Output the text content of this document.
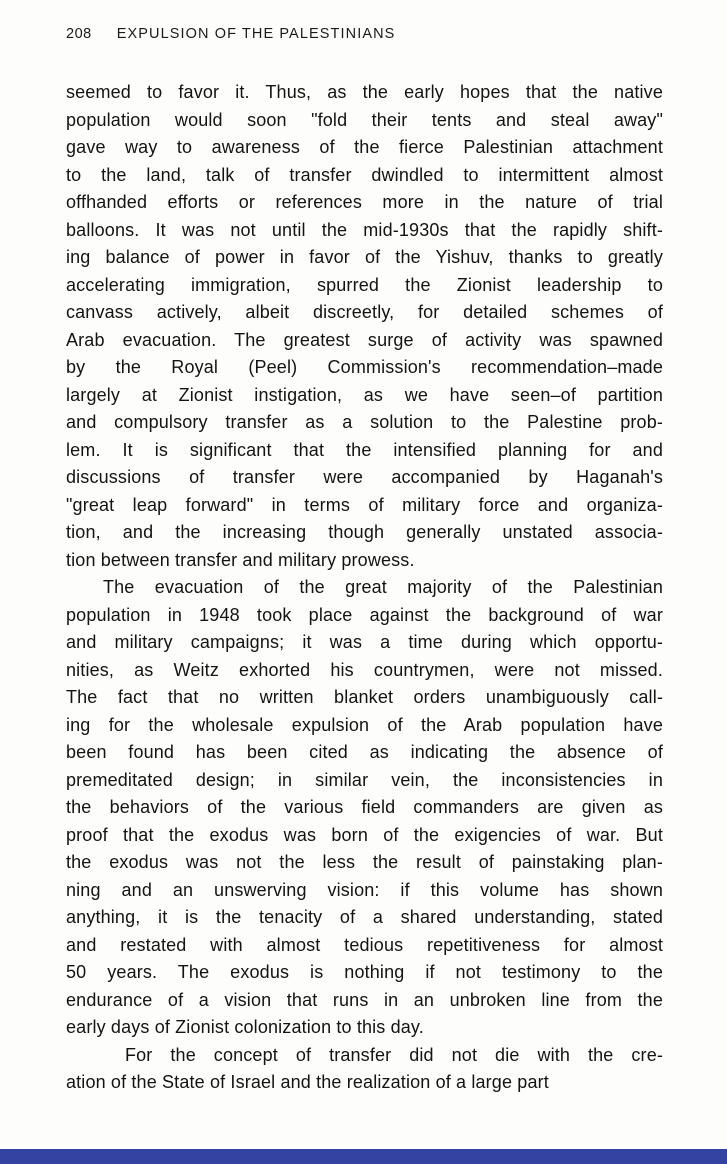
208 EXPULSION OF THE PALESTINIANS
seemed to favor it. Thus, as the early hopes that the native
population would soon "fold their tents and steal away"
gave way to awareness of the fierce Palestinian attachment
to the land, talk of transfer dwindled to intermittent almost
offhanded efforts or references more in the nature of trial
balloons. It was not until the mid-1930s that the rapidly shift-
ing balance of power in favor of the Yishuv, thanks to greatly
accelerating immigration, spurred the Zionist leadership to
canvass actively, albeit discreetly, for detailed schemes of
Arab evacuation. The greatest surge of activity was spawned
by the Royal (Peel) Commission's recommendation–made
largely at Zionist instigation, as we have seen–of partition
and compulsory transfer as a solution to the Palestine prob-
lem. It is significant that the intensified planning for and
discussions of transfer were accompanied by Haganah's
"great leap forward" in terms of military force and organiza-
tion, and the increasing though generally unstated associa-
tion between transfer and military prowess.
The evacuation of the great majority of the Palestinian
population in 1948 took place against the background of war
and military campaigns; it was a time during which opportu-
nities, as Weitz exhorted his countrymen, were not missed.
The fact that no written blanket orders unambiguously call-
ing for the wholesale expulsion of the Arab population have
been found has been cited as indicating the absence of
premeditated design; in similar vein, the inconsistencies in
the behaviors of the various field commanders are given as
proof that the exodus was born of the exigencies of war. But
the exodus was not the less the result of painstaking plan-
ning and an unswerving vision: if this volume has shown
anything, it is the tenacity of a shared understanding, stated
and restated with almost tedious repetitiveness for almost
50 years. The exodus is nothing if not testimony to the
endurance of a vision that runs in an unbroken line from the
early days of Zionist colonization to this day.
For the concept of transfer did not die with the cre-
ation of the State of Israel and the realization of a large part
